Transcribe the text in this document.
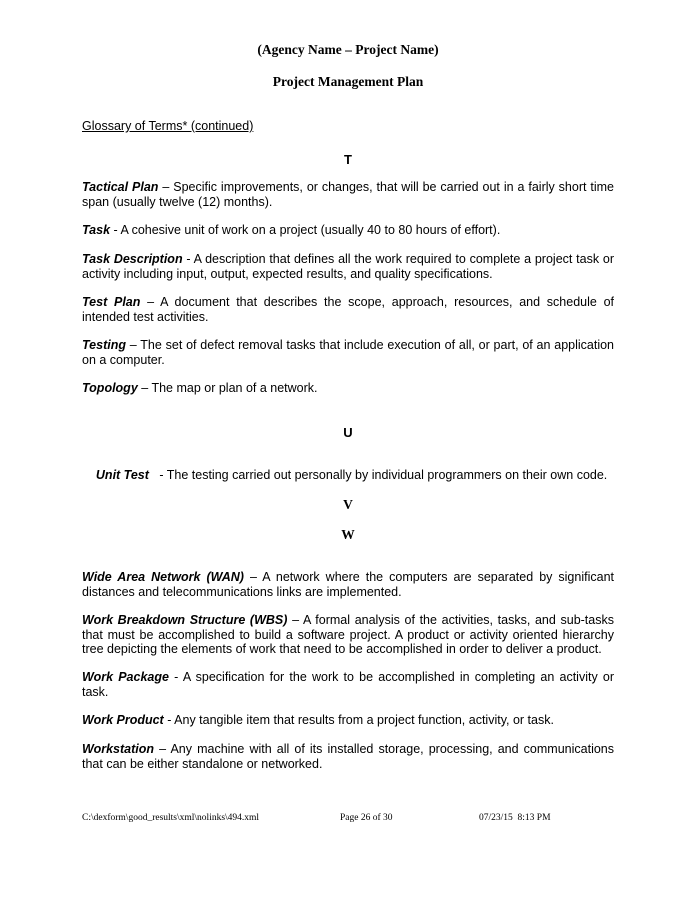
(Agency Name – Project Name)
Project Management Plan
Glossary of Terms* (continued)
T
Tactical Plan – Specific improvements, or changes, that will be carried out in a fairly short time span (usually twelve (12) months).
Task - A cohesive unit of work on a project (usually 40 to 80 hours of effort).
Task Description - A description that defines all the work required to complete a project task or activity including input, output, expected results, and quality specifications.
Test Plan – A document that describes the scope, approach, resources, and schedule of intended test activities.
Testing – The set of defect removal tasks that include execution of all, or part, of an application on a computer.
Topology – The map or plan of a network.
U

Unit Test   - The testing carried out personally by individual programmers on their own code.

V
W
Wide Area Network (WAN) – A network where the computers are separated by significant distances and telecommunications links are implemented.
Work Breakdown Structure (WBS) – A formal analysis of the activities, tasks, and sub-tasks that must be accomplished to build a software project. A product or activity oriented hierarchy tree depicting the elements of work that need to be accomplished in order to deliver a product.
Work Package - A specification for the work to be accomplished in completing an activity or task.
Work Product - Any tangible item that results from a project function, activity, or task.
Workstation – Any machine with all of its installed storage, processing, and communications that can be either standalone or networked.
C:\dexform\good_results\xml\nolinks\494.xml	Page 26 of 30	07/23/15  8:13 PM
